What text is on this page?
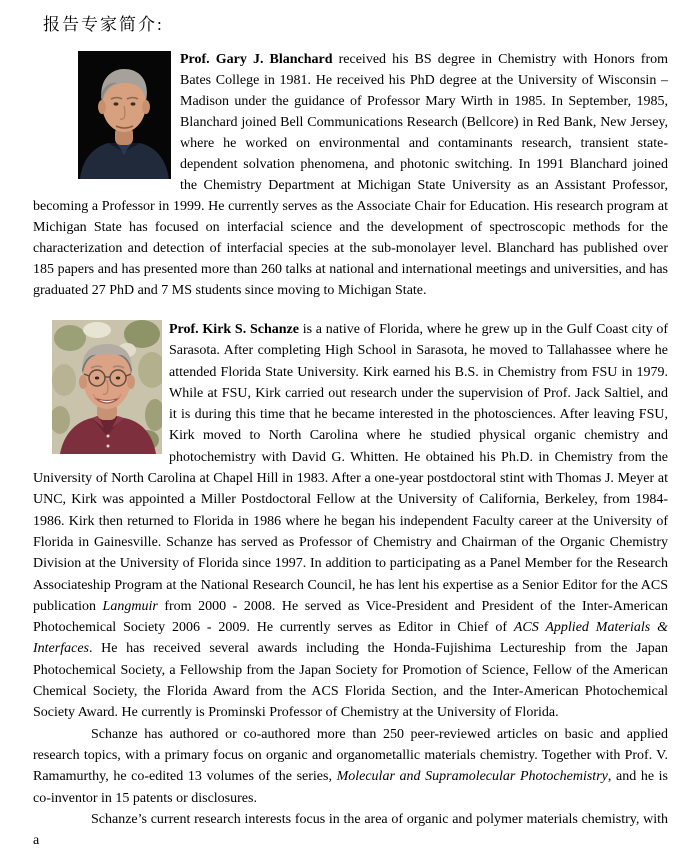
报告专家简介:

Prof. Gary J. Blanchard received his BS degree in Chemistry with Honors from Bates College in 1981. He received his PhD degree at the University of Wisconsin – Madison under the guidance of Professor Mary Wirth in 1985. In September, 1985, Blanchard joined Bell Communications Research (Bellcore) in Red Bank, New Jersey, where he worked on environmental and contaminants research, transient state-dependent solvation phenomena, and photonic switching. In 1991 Blanchard joined the Chemistry Department at Michigan State University as an Assistant Professor, becoming a Professor in 1999. He currently serves as the Associate Chair for Education. His research program at Michigan State has focused on interfacial science and the development of spectroscopic methods for the characterization and detection of interfacial species at the sub-monolayer level. Blanchard has published over 185 papers and has presented more than 260 talks at national and international meetings and universities, and has graduated 27 PhD and 7 MS students since moving to Michigan State.

Prof. Kirk S. Schanze is a native of Florida, where he grew up in the Gulf Coast city of Sarasota. After completing High School in Sarasota, he moved to Tallahassee where he attended Florida State University. Kirk earned his B.S. in Chemistry from FSU in 1979. While at FSU, Kirk carried out research under the supervision of Prof. Jack Saltiel, and it is during this time that he became interested in the photosciences. After leaving FSU, Kirk moved to North Carolina where he studied physical organic chemistry and photochemistry with David G. Whitten. He obtained his Ph.D. in Chemistry from the University of North Carolina at Chapel Hill in 1983. After a one-year postdoctoral stint with Thomas J. Meyer at UNC, Kirk was appointed a Miller Postdoctoral Fellow at the University of California, Berkeley, from 1984-1986. Kirk then returned to Florida in 1986 where he began his independent Faculty career at the University of Florida in Gainesville. Schanze has served as Professor of Chemistry and Chairman of the Organic Chemistry Division at the University of Florida since 1997. In addition to participating as a Panel Member for the Research Associateship Program at the National Research Council, he has lent his expertise as a Senior Editor for the ACS publication Langmuir from 2000 - 2008. He served as Vice-President and President of the Inter-American Photochemical Society 2006 - 2009. He currently serves as Editor in Chief of ACS Applied Materials & Interfaces. He has received several awards including the Honda-Fujishima Lectureship from the Japan Photochemical Society, a Fellowship from the Japan Society for Promotion of Science, Fellow of the American Chemical Society, the Florida Award from the ACS Florida Section, and the Inter-American Photochemical Society Award. He currently is Prominski Professor of Chemistry at the University of Florida.

Schanze has authored or co-authored more than 250 peer-reviewed articles on basic and applied research topics, with a primary focus on organic and organometallic materials chemistry. Together with Prof. V. Ramamurthy, he co-edited 13 volumes of the series, Molecular and Supramolecular Photochemistry, and he is co-inventor in 15 patents or disclosures.

Schanze’s current research interests focus in the area of organic and polymer materials chemistry, with a
